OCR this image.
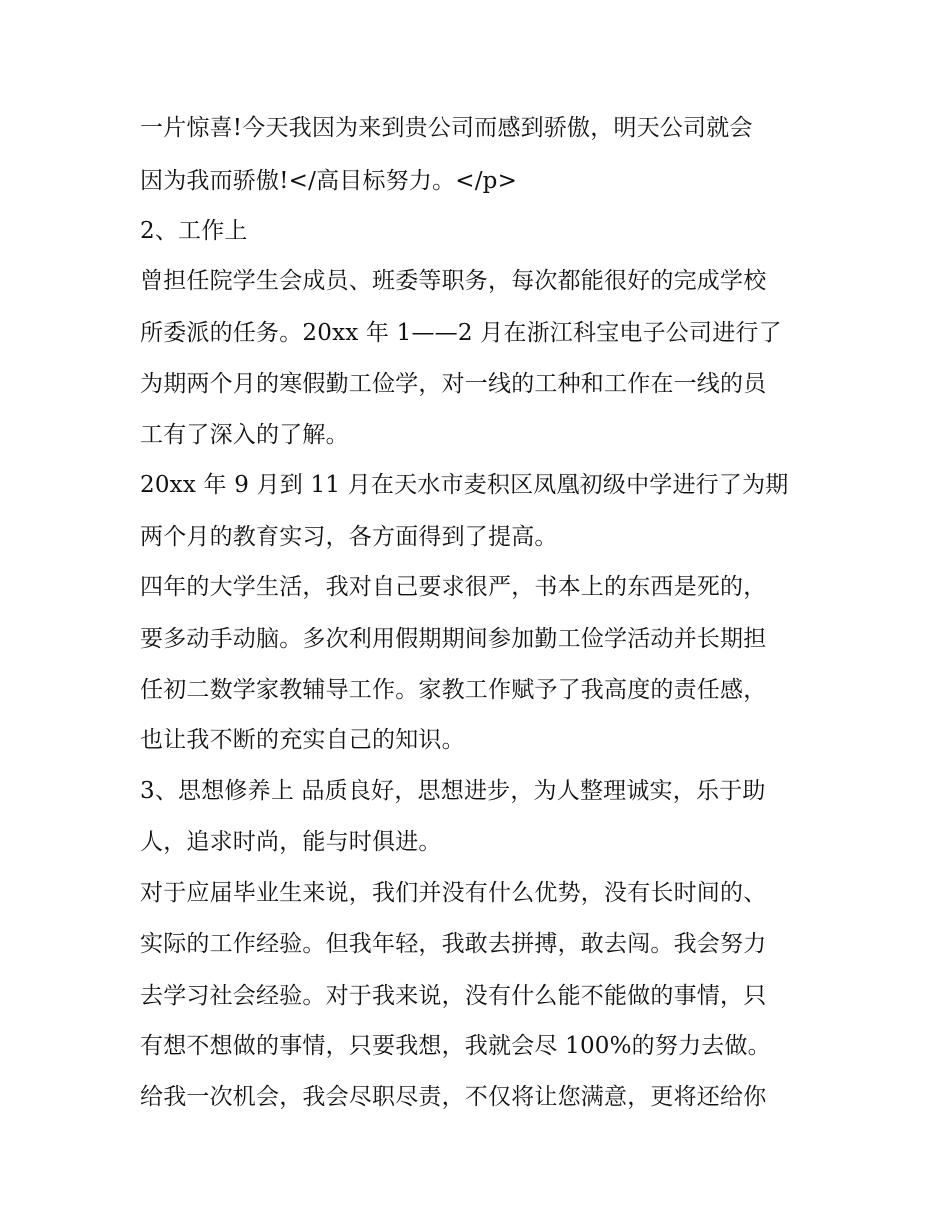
一片惊喜!今天我因为来到贵公司而感到骄傲，明天公司就会
因为我而骄傲!</高目标努力。</p>
2、工作上
曾担任院学生会成员、班委等职务，每次都能很好的完成学校
所委派的任务。20xx 年 1——2 月在浙江科宝电子公司进行了
为期两个月的寒假勤工俭学，对一线的工种和工作在一线的员
工有了深入的了解。
20xx 年 9 月到 11 月在天水市麦积区凤凰初级中学进行了为期
两个月的教育实习，各方面得到了提高。
四年的大学生活，我对自己要求很严，书本上的东西是死的，
要多动手动脑。多次利用假期期间参加勤工俭学活动并长期担
任初二数学家教辅导工作。家教工作赋予了我高度的责任感，
也让我不断的充实自己的知识。
3、思想修养上 品质良好，思想进步，为人整理诚实，乐于助
人，追求时尚，能与时俱进。
对于应届毕业生来说，我们并没有什么优势，没有长时间的、
实际的工作经验。但我年轻，我敢去拼搏，敢去闯。我会努力
去学习社会经验。对于我来说，没有什么能不能做的事情，只
有想不想做的事情，只要我想，我就会尽 100%的努力去做。
给我一次机会，我会尽职尽责，不仅将让您满意，更将还给你
